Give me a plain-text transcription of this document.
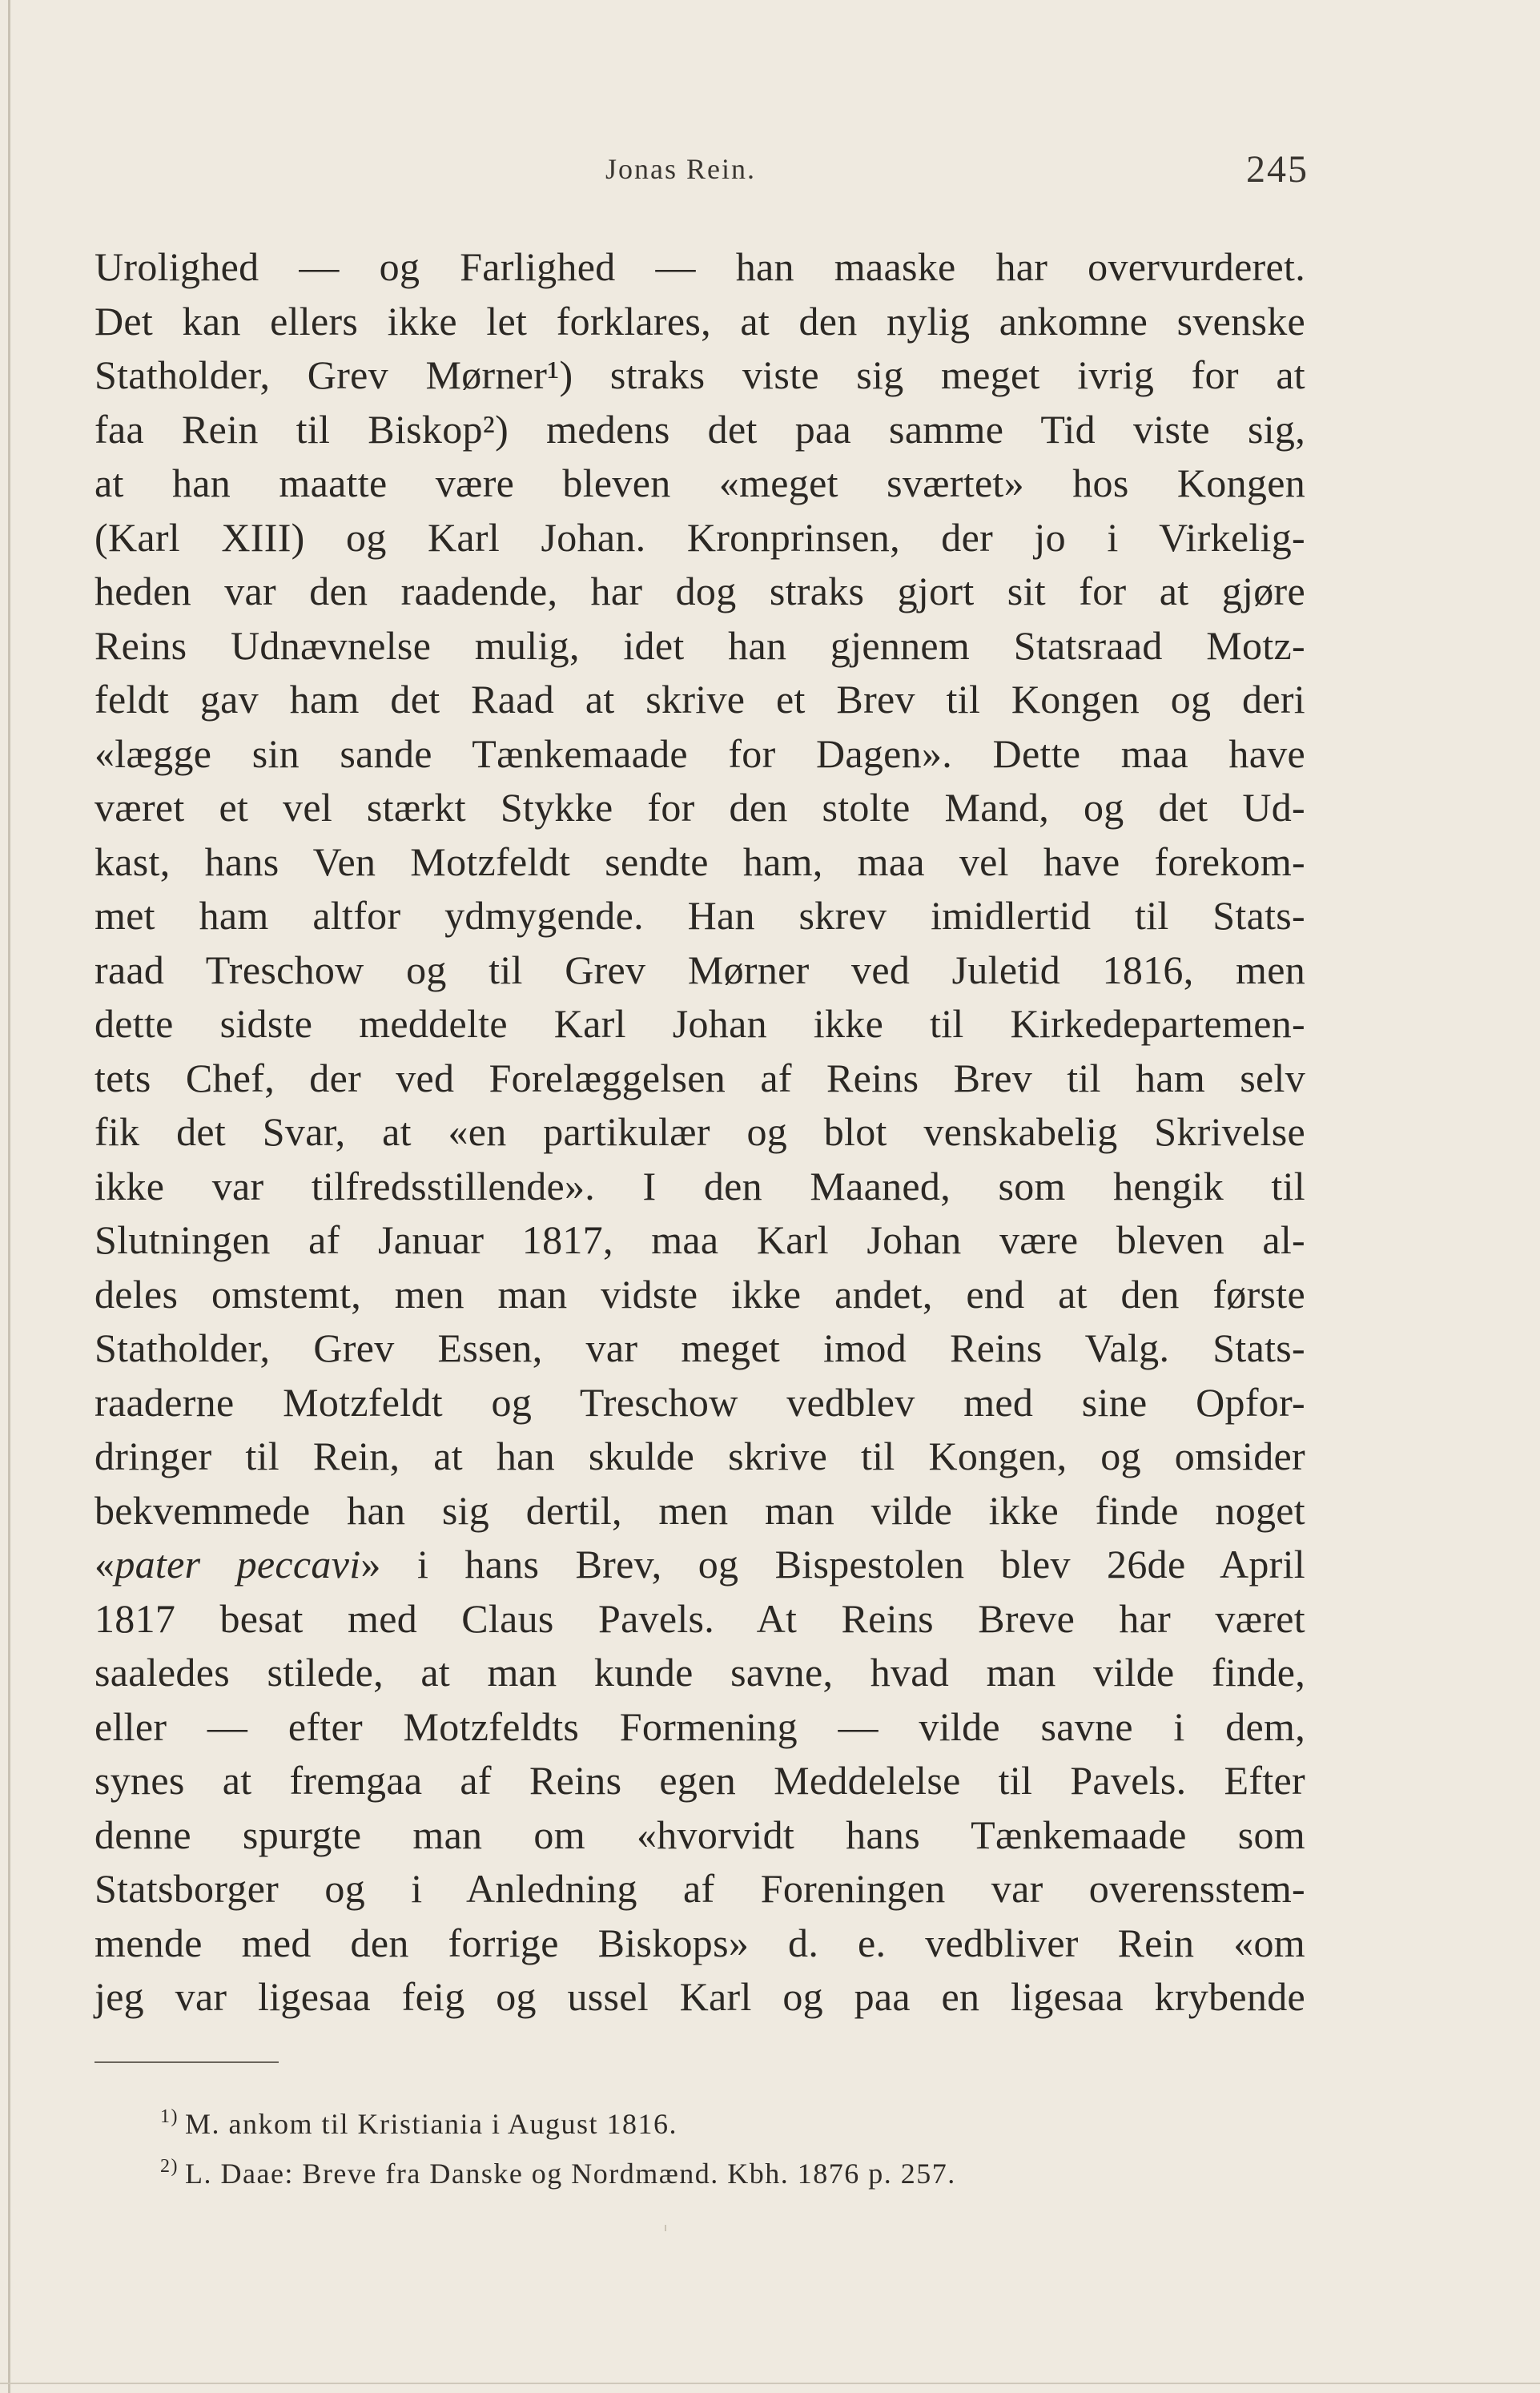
Jonas Rein.	245
Urolighed — og Farlighed — han maaske har overvurderet.
Det kan ellers ikke let forklares, at den nylig ankomne svenske
Statholder, Grev Mørner¹) straks viste sig meget ivrig for at
faa Rein til Biskop²) medens det paa samme Tid viste sig,
at han maatte være bleven «meget sværtet» hos Kongen
(Karl XIII) og Karl Johan. Kronprinsen, der jo i Virkelig-
heden var den raadende, har dog straks gjort sit for at gjøre
Reins Udnævnelse mulig, idet han gjennem Statsraad Motz-
feldt gav ham det Raad at skrive et Brev til Kongen og deri
«lægge sin sande Tænkemaade for Dagen». Dette maa have
været et vel stærkt Stykke for den stolte Mand, og det Ud-
kast, hans Ven Motzfeldt sendte ham, maa vel have forekom-
met ham altfor ydmygende. Han skrev imidlertid til Stats-
raad Treschow og til Grev Mørner ved Juletid 1816, men
dette sidste meddelte Karl Johan ikke til Kirkedepartemen-
tets Chef, der ved Forelæggelsen af Reins Brev til ham selv
fik det Svar, at «en partikulær og blot venskabelig Skrivelse
ikke var tilfredsstillende». I den Maaned, som hengik til
Slutningen af Januar 1817, maa Karl Johan være bleven al-
deles omstemt, men man vidste ikke andet, end at den første
Statholder, Grev Essen, var meget imod Reins Valg. Stats-
raaderne Motzfeldt og Treschow vedblev med sine Opfor-
dringer til Rein, at han skulde skrive til Kongen, og omsider
bekvemmede han sig dertil, men man vilde ikke finde noget
«pater peccavi» i hans Brev, og Bispestolen blev 26de April
1817 besat med Claus Pavels. At Reins Breve har været
saaledes stilede, at man kunde savne, hvad man vilde finde,
eller — efter Motzfeldts Formening — vilde savne i dem,
synes at fremgaa af Reins egen Meddelelse til Pavels. Efter
denne spurgte man om «hvorvidt hans Tænkemaade som
Statsborger og i Anledning af Foreningen var overensstem-
mende med den forrige Biskops» d. e. vedbliver Rein «om
jeg var ligesaa feig og ussel Karl og paa en ligesaa krybende
$^{1)}$ M. ankom til Kristiania i August 1816.
$^{2)}$ L. Daae: Breve fra Danske og Nordmænd. Kbh. 1876 p. 257.
